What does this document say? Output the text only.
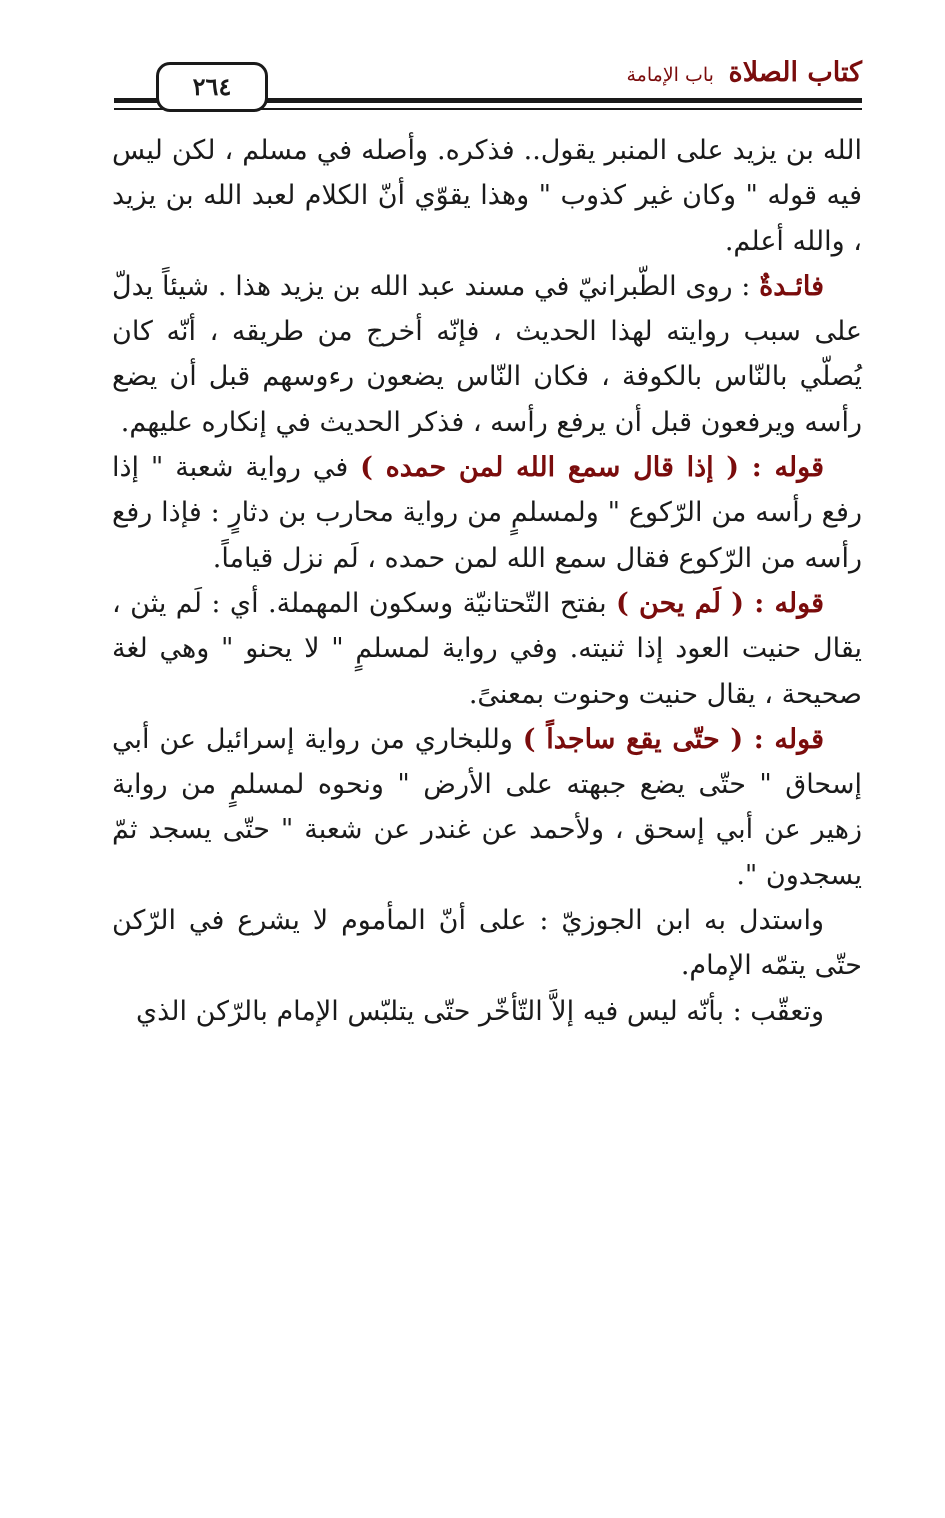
كتاب الصلاة باب الإمامة
٢٦٤

الله بن يزيد على المنبر يقول.. فذكره. وأصله في مسلم ، لكن ليس فيه قوله " وكان غير كذوب " وهذا يقوّي أنّ الكلام لعبد الله بن يزيد ، والله أعلم.

فائـدةٌ : روى الطّبرانيّ في مسند عبد الله بن يزيد هذا . شيئاً يدلّ على سبب روايته لهذا الحديث ، فإنّه أخرج من طريقه ، أنّه كان يُصلّي بالنّاس بالكوفة ، فكان النّاس يضعون رءوسهم قبل أن يضع رأسه ويرفعون قبل أن يرفع رأسه ، فذكر الحديث في إنكاره عليهم.

قوله : ( إذا قال سمع الله لمن حمده ) في رواية شعبة " إذا رفع رأسه من الرّكوع " ولمسلمٍ من رواية محارب بن دثارٍ : فإذا رفع رأسه من الرّكوع فقال سمع الله لمن حمده ، لَم نزل قياماً.

قوله : ( لَم يحن ) بفتح التّحتانيّة وسكون المهملة. أي : لَم يثن ، يقال حنيت العود إذا ثنيته. وفي رواية لمسلمٍ " لا يحنو " وهي لغة صحيحة ، يقال حنيت وحنوت بمعنىً.

قوله : ( حتّى يقع ساجداً ) وللبخاري من رواية إسرائيل عن أبي إسحاق " حتّى يضع جبهته على الأرض " ونحوه لمسلمٍ من رواية زهير عن أبي إسحق ، ولأحمد عن غندر عن شعبة " حتّى يسجد ثمّ يسجدون ".

واستدل به ابن الجوزيّ : على أنّ المأموم لا يشرع في الرّكن حتّى يتمّه الإمام.

وتعقّب : بأنّه ليس فيه إلاَّ التّأخّر حتّى يتلبّس الإمام بالرّكن الذي
